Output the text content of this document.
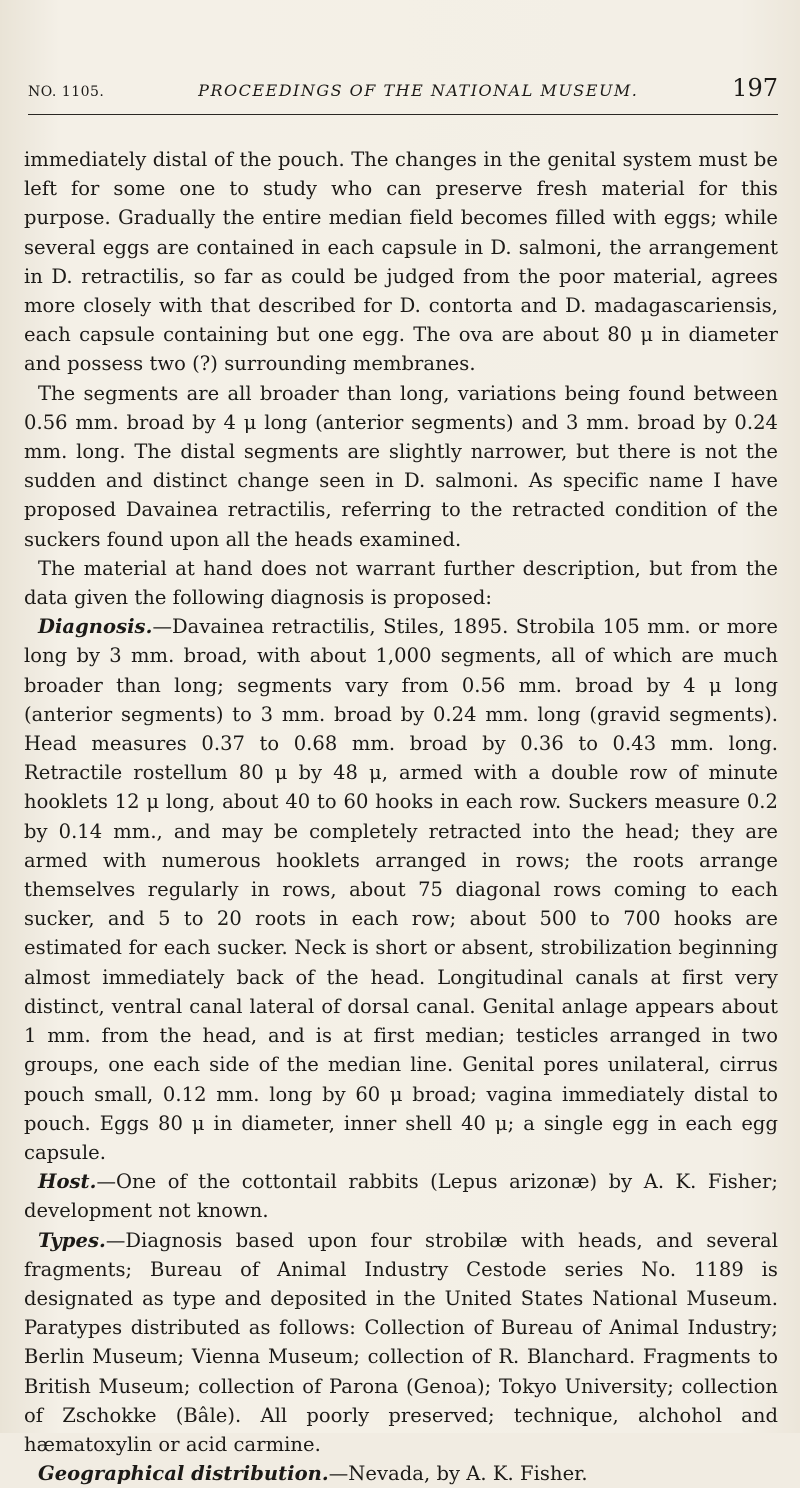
NO. 1105.	PROCEEDINGS OF THE NATIONAL MUSEUM.	197

immediately distal of the pouch. The changes in the genital system must be left for some one to study who can preserve fresh material for this purpose. Gradually the entire median field becomes filled with eggs; while several eggs are contained in each capsule in D. salmoni, the arrangement in D. retractilis, so far as could be judged from the poor material, agrees more closely with that described for D. contorta and D. madagascariensis, each capsule containing but one egg. The ova are about 80 μ in diameter and possess two (?) surrounding membranes.

The segments are all broader than long, variations being found between 0.56 mm. broad by 4 μ long (anterior segments) and 3 mm. broad by 0.24 mm. long. The distal segments are slightly narrower, but there is not the sudden and distinct change seen in D. salmoni. As specific name I have proposed Davainea retractilis, referring to the retracted condition of the suckers found upon all the heads examined.

The material at hand does not warrant further description, but from the data given the following diagnosis is proposed:

Diagnosis.—Davainea retractilis, Stiles, 1895. Strobila 105 mm. or more long by 3 mm. broad, with about 1,000 segments, all of which are much broader than long; segments vary from 0.56 mm. broad by 4 μ long (anterior segments) to 3 mm. broad by 0.24 mm. long (gravid segments). Head measures 0.37 to 0.68 mm. broad by 0.36 to 0.43 mm. long. Retractile rostellum 80 μ by 48 μ, armed with a double row of minute hooklets 12 μ long, about 40 to 60 hooks in each row. Suckers measure 0.2 by 0.14 mm., and may be completely retracted into the head; they are armed with numerous hooklets arranged in rows; the roots arrange themselves regularly in rows, about 75 diagonal rows coming to each sucker, and 5 to 20 roots in each row; about 500 to 700 hooks are estimated for each sucker. Neck is short or absent, strobilization beginning almost immediately back of the head. Longitudinal canals at first very distinct, ventral canal lateral of dorsal canal. Genital anlage appears about 1 mm. from the head, and is at first median; testicles arranged in two groups, one each side of the median line. Genital pores unilateral, cirrus pouch small, 0.12 mm. long by 60 μ broad; vagina immediately distal to pouch. Eggs 80 μ in diameter, inner shell 40 μ; a single egg in each egg capsule.

Host.—One of the cottontail rabbits (Lepus arizonæ) by A. K. Fisher; development not known.

Types.—Diagnosis based upon four strobilæ with heads, and several fragments; Bureau of Animal Industry Cestode series No. 1189 is designated as type and deposited in the United States National Museum. Paratypes distributed as follows: Collection of Bureau of Animal Industry; Berlin Museum; Vienna Museum; collection of R. Blanchard. Fragments to British Museum; collection of Parona (Genoa); Tokyo University; collection of Zschokke (Bâle). All poorly preserved; technique, alchohol and hæmatoxylin or acid carmine.

Geographical distribution.—Nevada, by A. K. Fisher.
